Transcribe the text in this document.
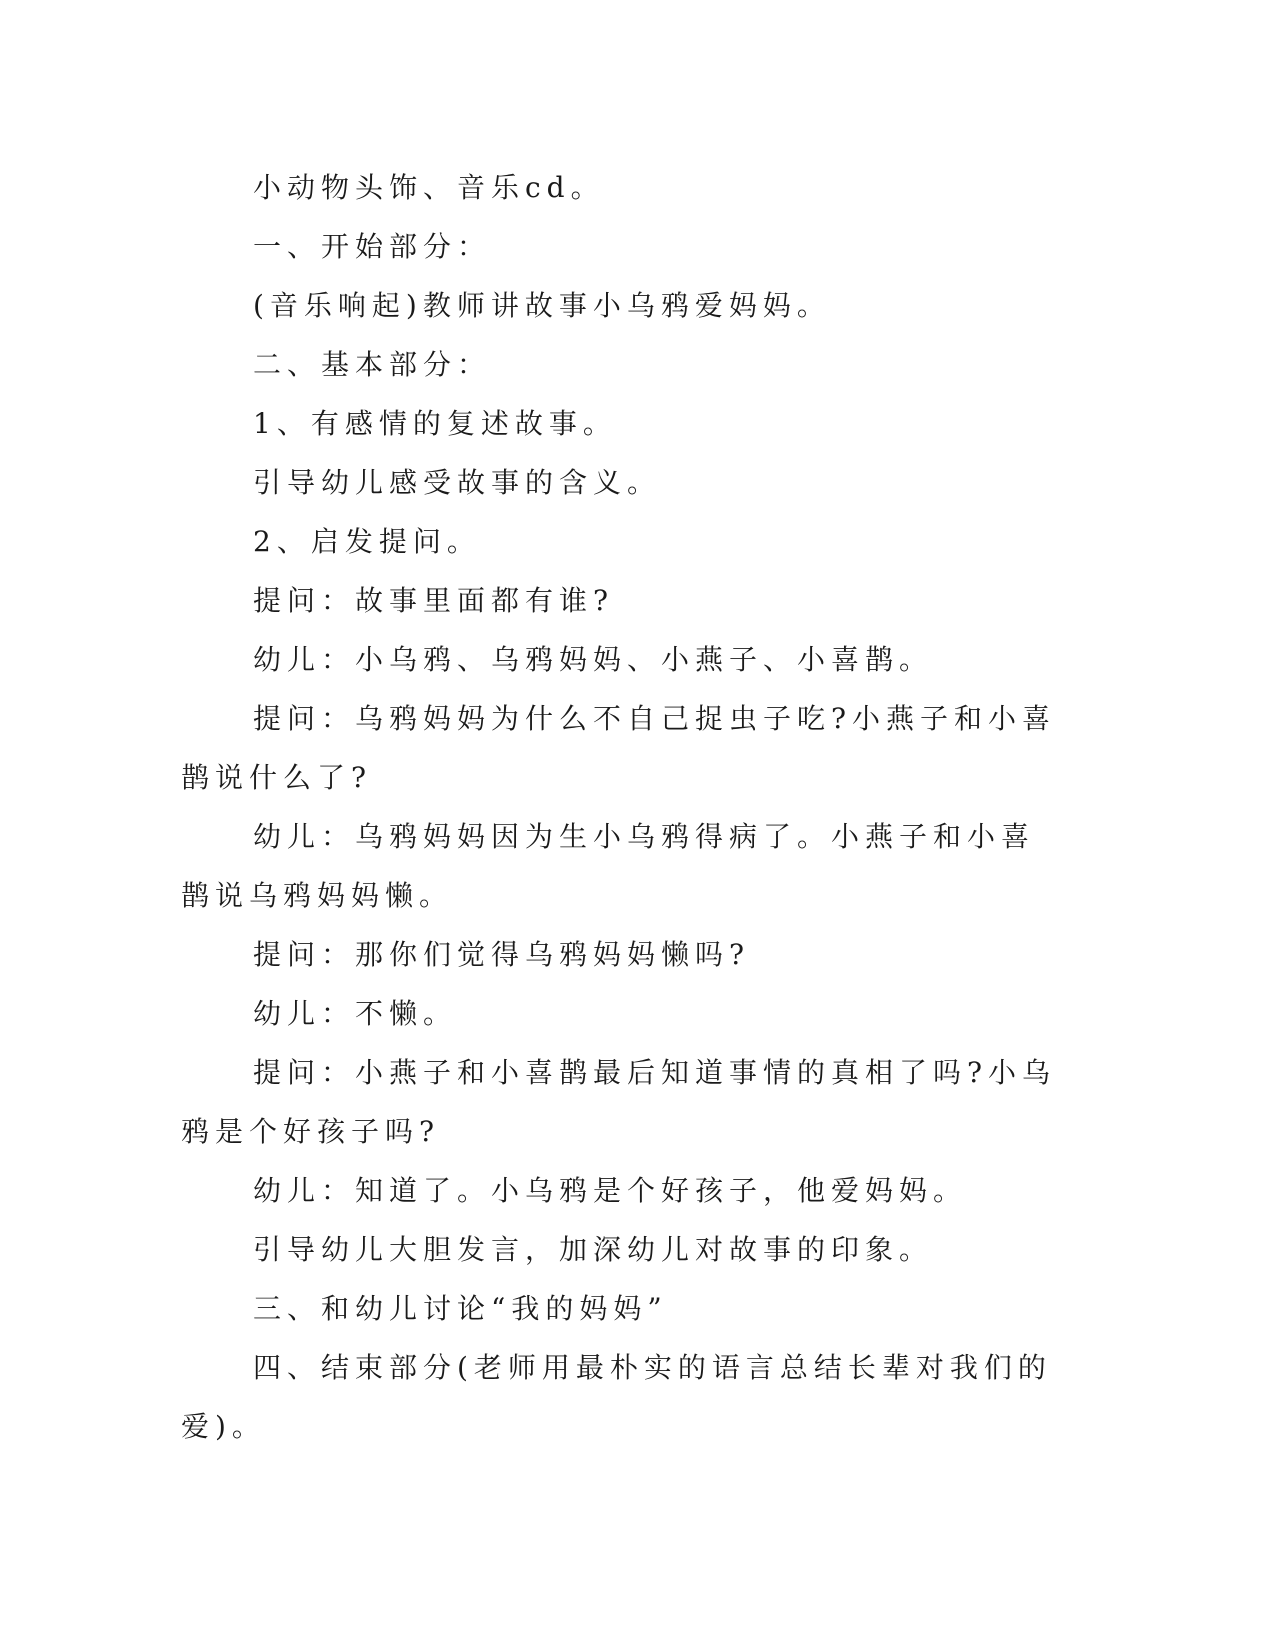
小动物头饰、音乐cd。

一、开始部分：

(音乐响起)教师讲故事小乌鸦爱妈妈。

二、基本部分：

1、有感情的复述故事。

引导幼儿感受故事的含义。

2、启发提问。

提问：故事里面都有谁?

幼儿：小乌鸦、乌鸦妈妈、小燕子、小喜鹊。

提问：乌鸦妈妈为什么不自己捉虫子吃?小燕子和小喜鹊说什么了?

幼儿：乌鸦妈妈因为生小乌鸦得病了。小燕子和小喜鹊说乌鸦妈妈懒。

提问：那你们觉得乌鸦妈妈懒吗?

幼儿：不懒。

提问：小燕子和小喜鹊最后知道事情的真相了吗?小乌鸦是个好孩子吗?

幼儿：知道了。小乌鸦是个好孩子，他爱妈妈。

引导幼儿大胆发言，加深幼儿对故事的印象。

三、和幼儿讨论“我的妈妈”

四、结束部分(老师用最朴实的语言总结长辈对我们的爱)。
